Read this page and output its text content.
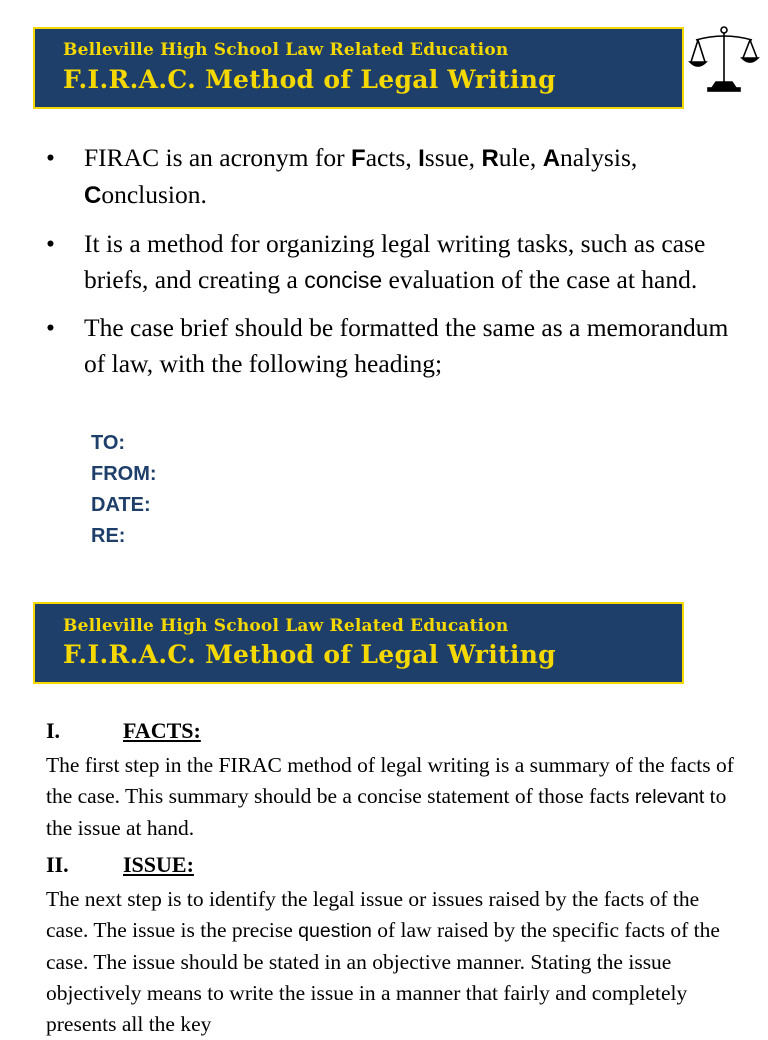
Belleville High School Law Related Education
F.I.R.A.C. Method of Legal Writing
• FIRAC is an acronym for Facts, Issue, Rule, Analysis,
Conclusion.
• It is a method for organizing legal writing tasks, such as case briefs, and creating a concise evaluation of the case at hand.
• The case brief should be formatted the same as a memorandum of law, with the following heading;
TO:
FROM:
DATE:
RE:
Belleville High School Law Related Education
F.I.R.A.C. Method of Legal Writing
I.	FACTS:
The first step in the FIRAC method of legal writing is a summary of the facts of the case. This summary should be a concise statement of those facts relevant to the issue at hand.
II. ISSUE:
The next step is to identify the legal issue or issues raised by the facts of the case. The issue is the precise question of law raised by the specific facts of the case. The issue should be stated in an objective manner. Stating the issue objectively means to write the issue in a manner that fairly and completely presents all the key
